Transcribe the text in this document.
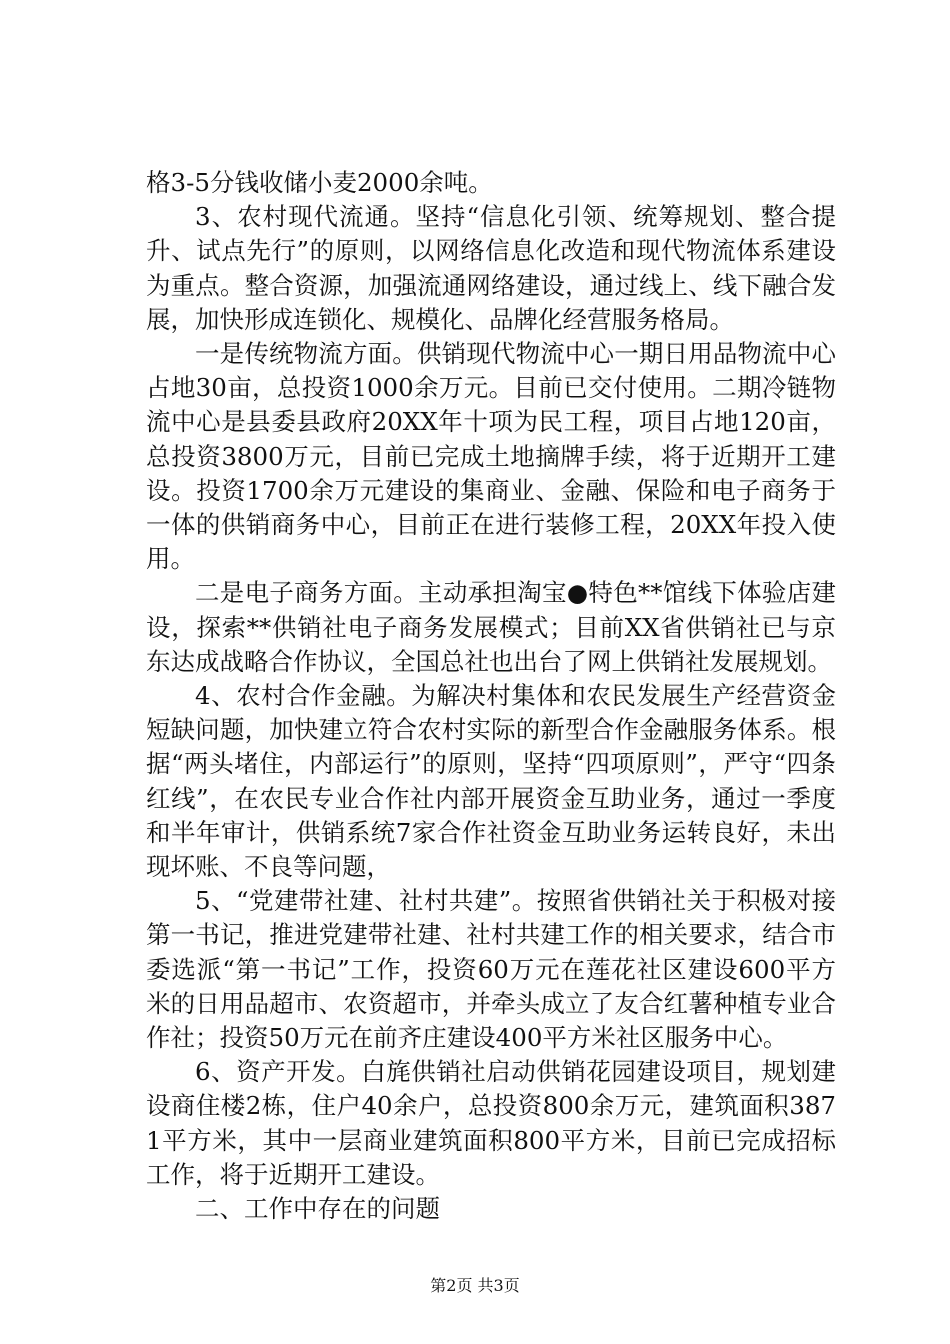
格3-5分钱收储小麦2000余吨。

3、农村现代流通。坚持“信息化引领、统筹规划、整合提升、试点先行”的原则，以网络信息化改造和现代物流体系建设为重点。整合资源，加强流通网络建设，通过线上、线下融合发展，加快形成连锁化、规模化、品牌化经营服务格局。

一是传统物流方面。供销现代物流中心一期日用品物流中心占地30亩，总投资1000余万元。目前已交付使用。二期冷链物流中心是县委县政府20XX年十项为民工程，项目占地120亩，总投资3800万元，目前已完成土地摘牌手续，将于近期开工建设。投资1700余万元建设的集商业、金融、保险和电子商务于一体的供销商务中心，目前正在进行装修工程，20XX年投入使用。

二是电子商务方面。主动承担淘宝●特色**馆线下体验店建设，探索**供销社电子商务发展模式；目前XX省供销社已与京东达成战略合作协议，全国总社也出台了网上供销社发展规划。

4、农村合作金融。为解决村集体和农民发展生产经营资金短缺问题，加快建立符合农村实际的新型合作金融服务体系。根据“两头堵住，内部运行”的原则，坚持“四项原则”，严守“四条红线”，在农民专业合作社内部开展资金互助业务，通过一季度和半年审计，供销系统7家合作社资金互助业务运转良好，未出现坏账、不良等问题，

5、“党建带社建、社村共建”。按照省供销社关于积极对接第一书记，推进党建带社建、社村共建工作的相关要求，结合市委选派“第一书记”工作，投资60万元在莲花社区建设600平方米的日用品超市、农资超市，并牵头成立了友合红薯种植专业合作社；投资50万元在前齐庄建设400平方米社区服务中心。

6、资产开发。白旄供销社启动供销花园建设项目，规划建设商住楼2栋，住户40余户，总投资800余万元，建筑面积3871平方米，其中一层商业建筑面积800平方米，目前已完成招标工作，将于近期开工建设。

二、工作中存在的问题

第2页 共3页
